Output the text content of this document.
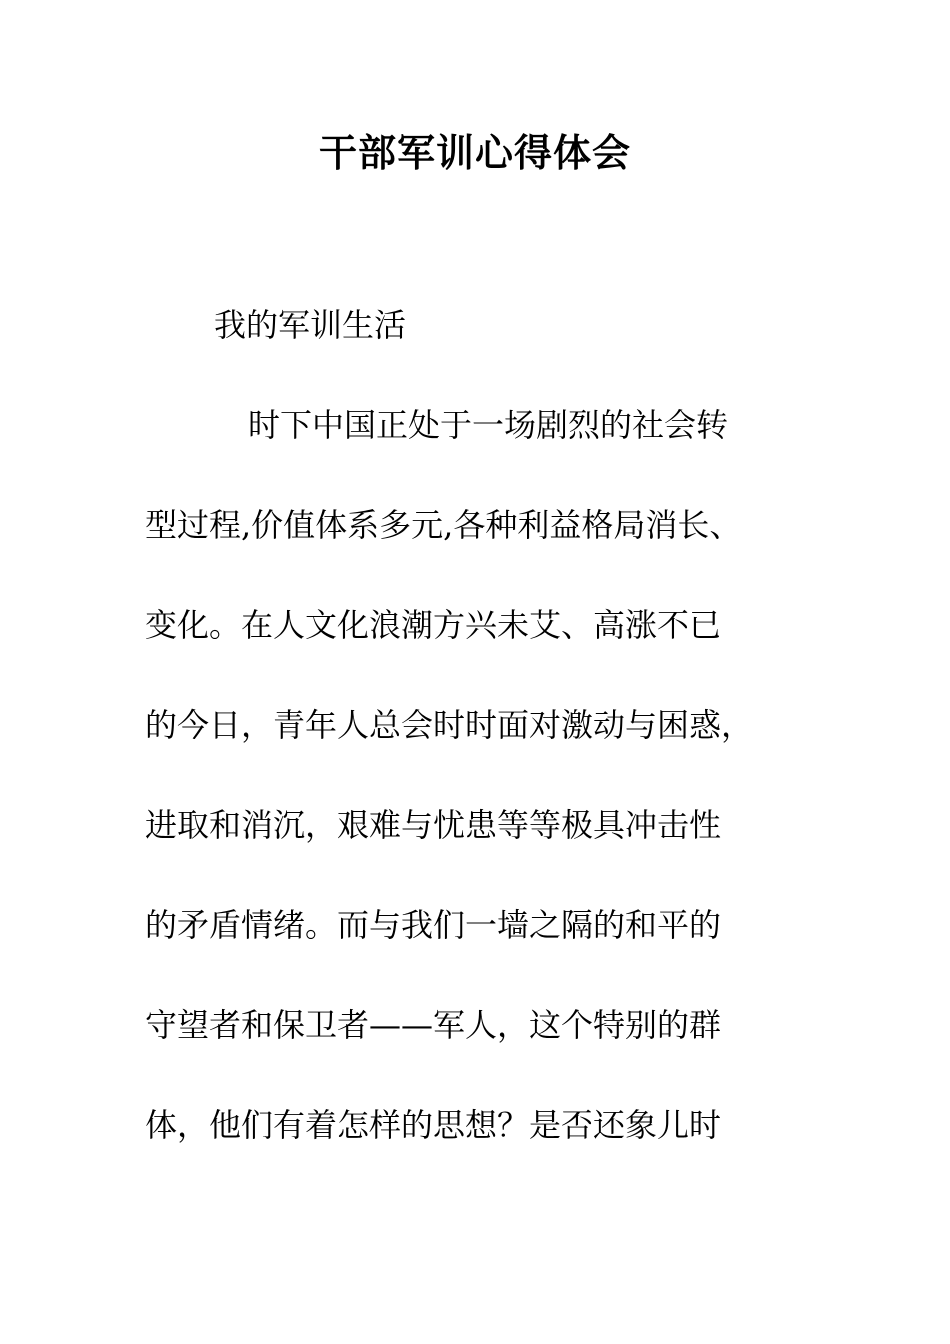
干部军训心得体会
我的军训生活
时下中国正处于一场剧烈的社会转
型过程,价值体系多元,各种利益格局消长、
变化。在人文化浪潮方兴未艾、高涨不已
的今日，青年人总会时时面对激动与困惑，
进取和消沉，艰难与忧患等等极具冲击性
的矛盾情绪。而与我们一墙之隔的和平的
守望者和保卫者——军人，这个特别的群
体，他们有着怎样的思想？是否还象儿时
